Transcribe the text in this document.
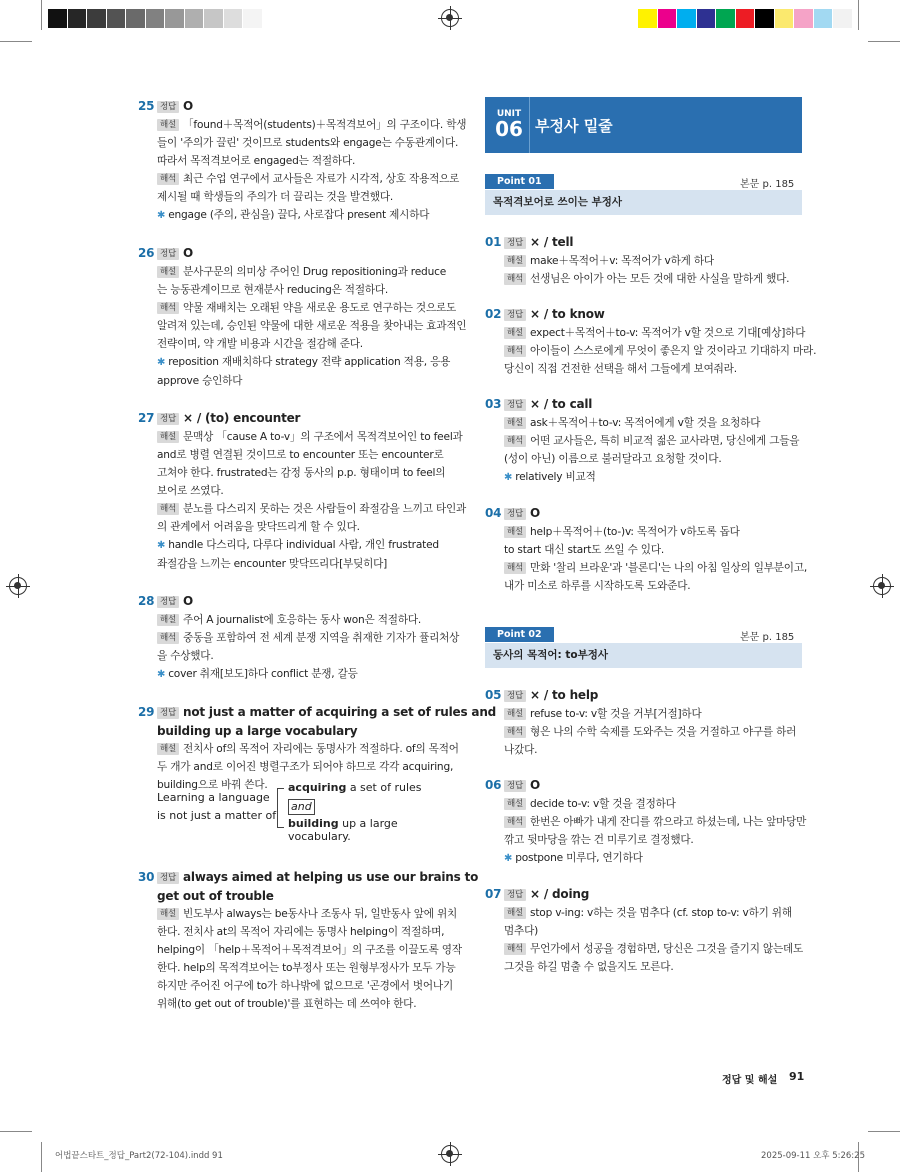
25 정답 O
해설 「found＋목적어(students)＋목적격보어」의 구조이다. 학생
들이 '주의가 끌린' 것이므로 students와 engage는 수동관계이다.
따라서 목적격보어로 engaged는 적절하다.
해석 최근 수업 연구에서 교사들은 자료가 시각적, 상호 작용적으로
제시될 때 학생들의 주의가 더 끌리는 것을 발견했다.
✱ engage (주의, 관심을) 끌다, 사로잡다 present 제시하다
26 정답 O
해설 분사구문의 의미상 주어인 Drug repositioning과 reduce
는 능동관계이므로 현재분사 reducing은 적절하다.
해석 약물 재배치는 오래된 약을 새로운 용도로 연구하는 것으로도
알려져 있는데, 승인된 약물에 대한 새로운 적용을 찾아내는 효과적인
전략이며, 약 개발 비용과 시간을 절감해 준다.
✱ reposition 재배치하다 strategy 전략 application 적용, 응용
approve 승인하다
27 정답 × / (to) encounter
해설 문맥상 「cause A to-v」의 구조에서 목적격보어인 to feel과
and로 병렬 연결된 것이므로 to encounter 또는 encounter로
고쳐야 한다. frustrated는 감정 동사의 p.p. 형태이며 to feel의
보어로 쓰였다.
해석 분노를 다스리지 못하는 것은 사람들이 좌절감을 느끼고 타인과
의 관계에서 어려움을 맞닥뜨리게 할 수 있다.
✱ handle 다스리다, 다루다 individual 사람, 개인 frustrated
좌절감을 느끼는 encounter 맞닥뜨리다[부딪히다]
28 정답 O
해설 주어 A journalist에 호응하는 동사 won은 적절하다.
해석 중동을 포함하여 전 세계 분쟁 지역을 취재한 기자가 퓰리처상
을 수상했다.
✱ cover 취재[보도]하다 conflict 분쟁, 갈등
29 정답 not just a matter of acquiring a set of rules and
building up a large vocabulary
해설 전치사 of의 목적어 자리에는 동명사가 적절하다. of의 목적어
두 개가 and로 이어진 병렬구조가 되어야 하므로 각각 acquiring,
building으로 바꿔 쓴다.
30 정답 always aimed at helping us use our brains to
get out of trouble
해설 빈도부사 always는 be동사나 조동사 뒤, 일반동사 앞에 위치
한다. 전치사 at의 목적어 자리에는 동명사 helping이 적절하며,
helping이 「help＋목적어＋목적격보어」의 구조를 이끌도록 영작
한다. help의 목적격보어는 to부정사 또는 원형부정사가 모두 가능
하지만 주어진 어구에 to가 하나밖에 없으므로 '곤경에서 벗어나기
위해(to get out of trouble)'를 표현하는 데 쓰여야 한다.
Learning a language
is not just a matter of
acquiring a set of rules
and
building up a large vocabulary.
UNIT
06 부정사 밑줄
Point 01	본문 p. 185
목적격보어로 쓰이는 부정사
Point 02	본문 p. 185
동사의 목적어: to부정사
01 정답 × / tell
해설 make＋목적어＋v: 목적어가 v하게 하다
해석 선생님은 아이가 아는 모든 것에 대한 사실을 말하게 했다.
02 정답 × / to know
해설 expect＋목적어＋to-v: 목적어가 v할 것으로 기대[예상]하다
해석 아이들이 스스로에게 무엇이 좋은지 알 것이라고 기대하지 마라.
당신이 직접 건전한 선택을 해서 그들에게 보여줘라.
03 정답 × / to call
해설 ask＋목적어＋to-v: 목적어에게 v할 것을 요청하다
해석 어떤 교사들은, 특히 비교적 젊은 교사라면, 당신에게 그들을
(성이 아닌) 이름으로 불러달라고 요청할 것이다.
✱ relatively 비교적
04 정답 O
해설 help＋목적어＋(to-)v: 목적어가 v하도록 돕다
to start 대신 start도 쓰일 수 있다.
해석 만화 '찰리 브라운'과 '블론디'는 나의 아침 일상의 일부분이고,
내가 미소로 하루를 시작하도록 도와준다.
05 정답 × / to help
해설 refuse to-v: v할 것을 거부[거절]하다
해석 형은 나의 수학 숙제를 도와주는 것을 거절하고 야구를 하러
나갔다.
06 정답 O
해설 decide to-v: v할 것을 결정하다
해석 한번은 아빠가 내게 잔디를 깎으라고 하셨는데, 나는 앞마당만
깎고 뒷마당을 깎는 건 미루기로 결정했다.
✱ postpone 미루다, 연기하다
07 정답 × / doing
해설 stop v-ing: v하는 것을 멈추다 (cf. stop to-v: v하기 위해
멈추다)
해석 무언가에서 성공을 경험하면, 당신은 그것을 즐기지 않는데도
그것을 하길 멈출 수 없을지도 모른다.
정답 및 해설 91
어법끝스타트_정답_Part2(72-104).indd 91	2025-09-11 오후 5:26:25
